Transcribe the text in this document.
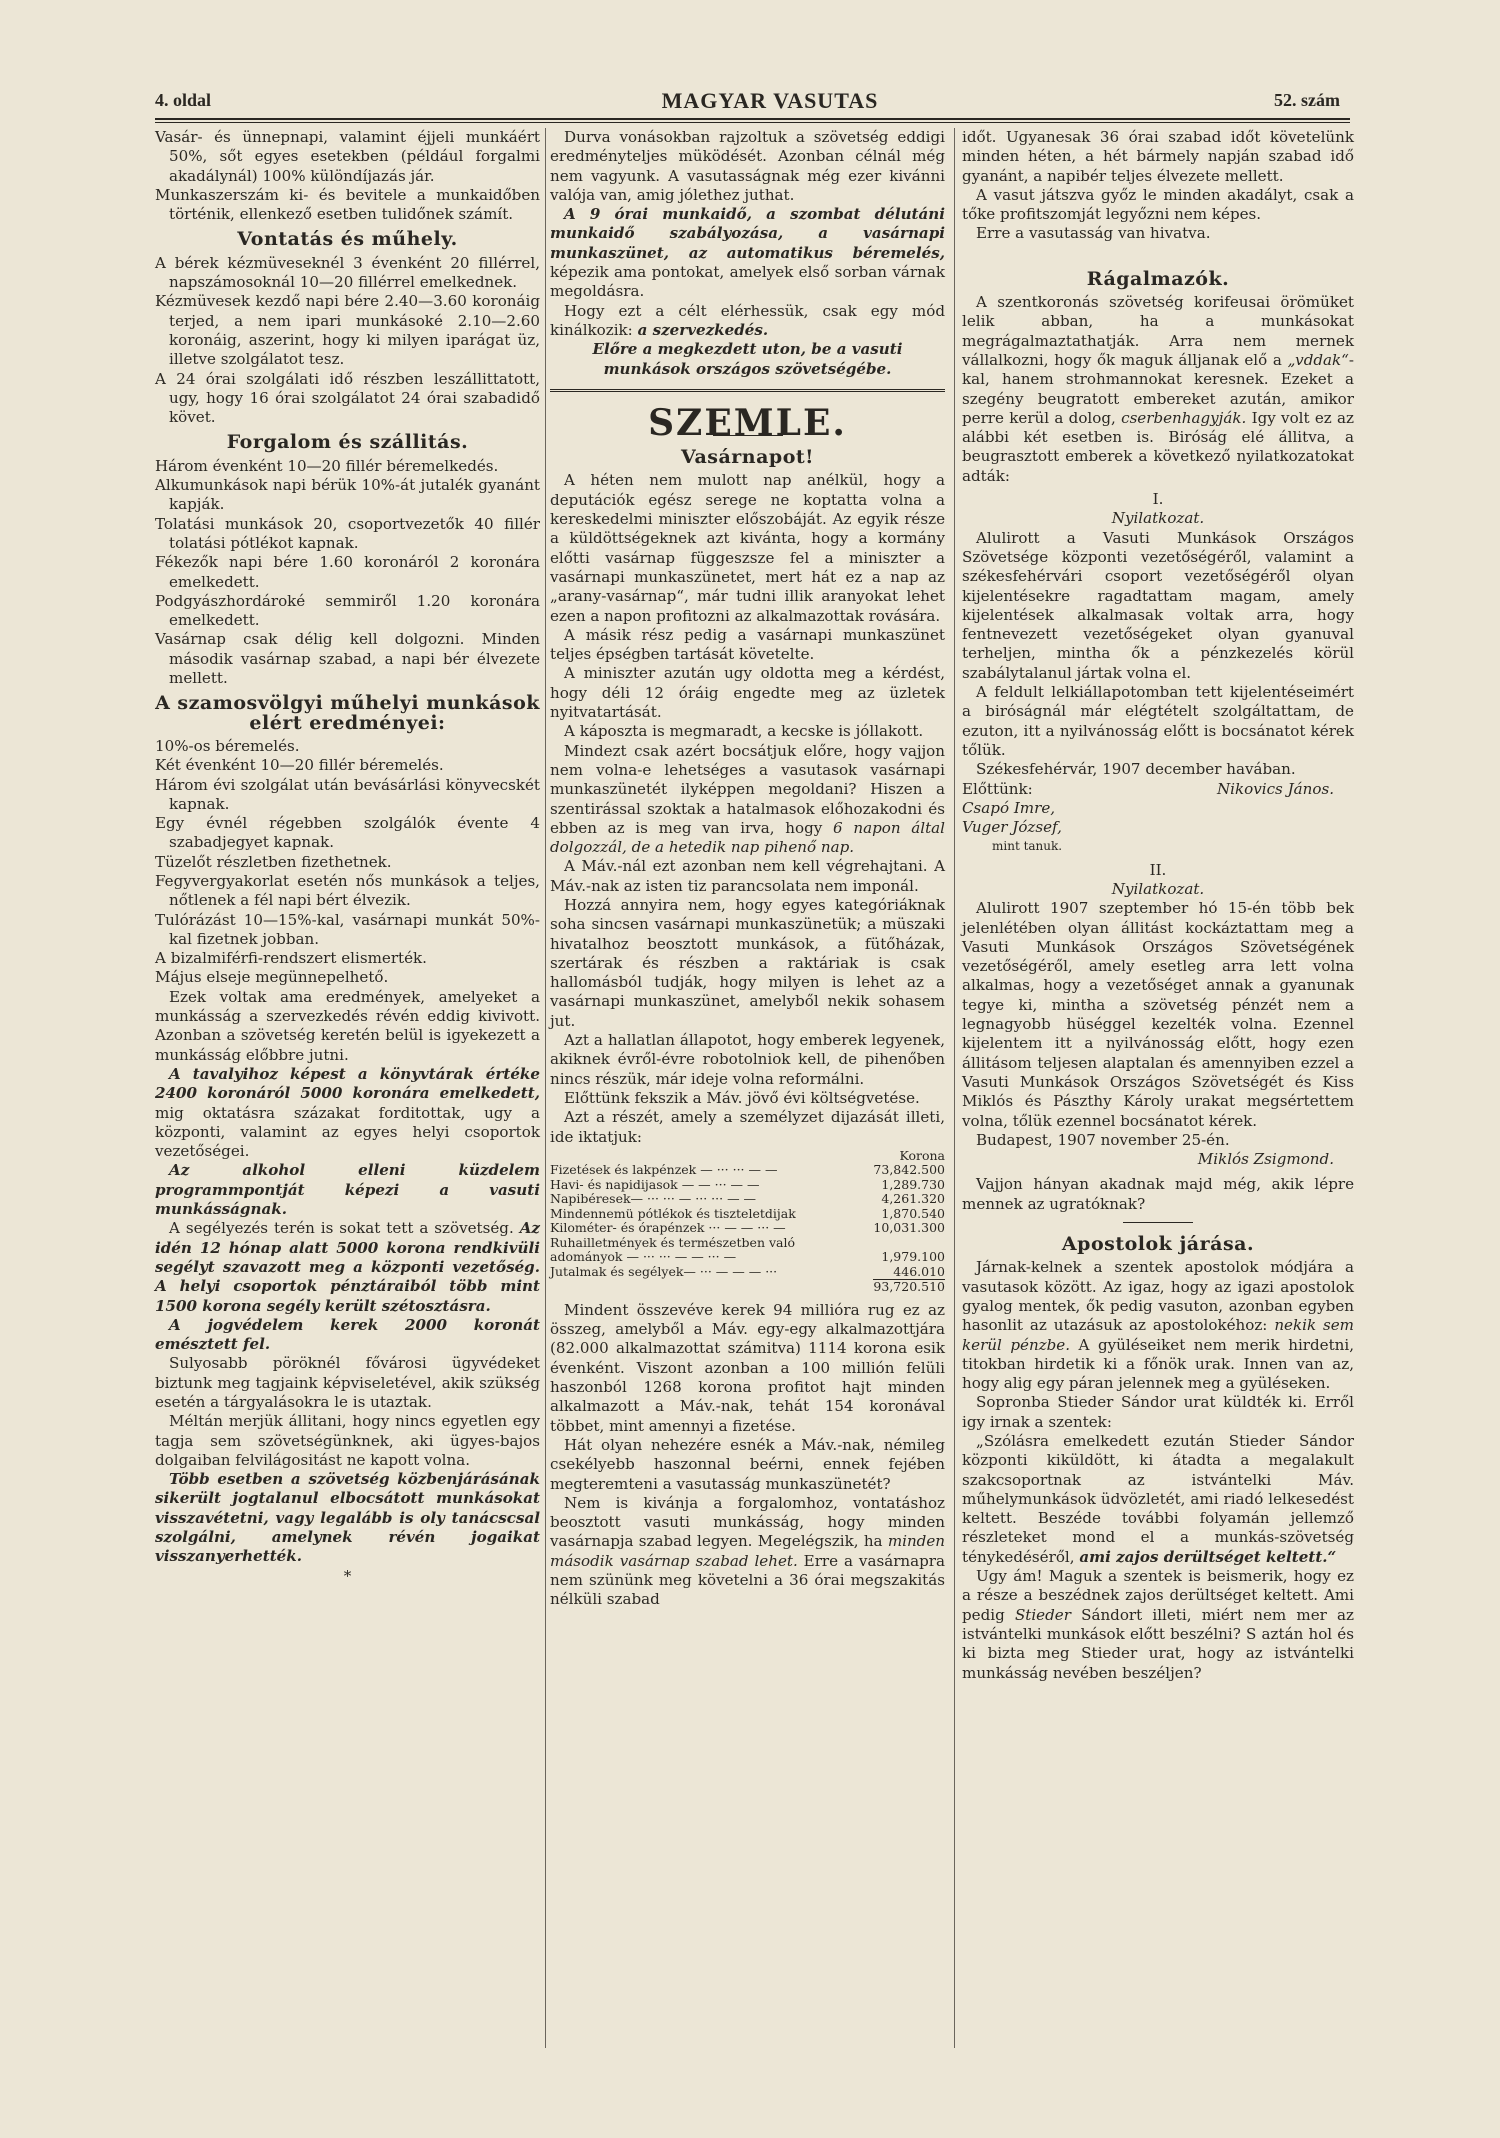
4. oldal	MAGYAR VASUTAS	52. szám

Vasár- és ünnepnapi, valamint éjjeli munkáért 50%, sőt egyes esetekben (például forgalmi akadálynál) 100% különdíjazás jár.

Munkaszerszám ki- és bevitele a munkaidőben történik, ellenkező esetben tulidőnek számít.

Vontatás és műhely.

A bérek kézmüveseknél 3 évenként 20 fillérrel, napszámosoknál 10—20 fillérrel emelkednek.

Kézmüvesek kezdő napi bére 2.40—3.60 koronáig terjed, a nem ipari munkásoké 2.10—2.60 koronáig, aszerint, hogy ki milyen iparágat üz, illetve szolgálatot tesz.

A 24 órai szolgálati idő részben leszállittatott, ugy, hogy 16 órai szolgálatot 24 órai szabadidő követ.

Forgalom és szállitás.

Három évenként 10—20 fillér béremelkedés.

Alkumunkások napi bérük 10%-át jutalék gyanánt kapják.

Tolatási munkások 20, csoportvezetők 40 fillér tolatási pótlékot kapnak.

Fékezők napi bére 1.60 koronáról 2 koronára emelkedett.

Podgyászhordároké semmiről 1.20 koronára emelkedett.

Vasárnap csak délig kell dolgozni. Minden második vasárnap szabad, a napi bér élvezete mellett.

A szamosvölgyi műhelyi munkások elért eredményei:

10%-os béremelés.

Két évenként 10—20 fillér béremelés.

Három évi szolgálat után bevásárlási könyvecskét kapnak.

Egy évnél régebben szolgálók évente 4 szabadjegyet kapnak.

Tüzelőt részletben fizethetnek.

Fegyvergyakorlat esetén nős munkások a teljes, nőtlenek a fél napi bért élvezik.

Tulórázást 10—15%-kal, vasárnapi munkát 50%-kal fizetnek jobban.

A bizalmiférfi-rendszert elismerték.

Május elseje megünnepelhető.

Ezek voltak ama eredmények, amelyeket a munkásság a szervezkedés révén eddig kivivott. Azonban a szövetség keretén belül is igyekezett a munkásság előbbre jutni.

A tavalyihoz képest a könyvtárak értéke 2400 koronáról 5000 koronára emelkedett, mig oktatásra százakat forditottak, ugy a központi, valamint az egyes helyi csoportok vezetőségei.

Az alkohol elleni küzdelem programmpontját képezi a vasuti munkásságnak.

A segélyezés terén is sokat tett a szövetség. Az idén 12 hónap alatt 5000 korona rendkivüli segélyt szavazott meg a központi vezetőség. A helyi csoportok pénztáraiból több mint 1500 korona segély került szétosztásra.

A jogvédelem kerek 2000 koronát emésztett fel.

Sulyosabb pöröknél fővárosi ügyvédeket biztunk meg tagjaink képviseletével, akik szükség esetén a tárgyalásokra le is utaztak.

Méltán merjük állitani, hogy nincs egyetlen egy tagja sem szövetségünknek, aki ügyes-bajos dolgaiban felvilágositást ne kapott volna.

Több esetben a szövetség közbenjárásának sikerült jogtalanul elbocsátott munkásokat visszavétetni, vagy legalább is oly tanácscsal szolgálni, amelynek révén jogaikat visszanyerhették.

*

Durva vonásokban rajzoltuk a szövetség eddigi eredményteljes müködését. Azonban célnál még nem vagyunk. A vasutasságnak még ezer kivánni valója van, amig jólethez juthat.

A 9 órai munkaidő, a szombat délutáni munkaidő szabályozása, a vasárnapi munkaszünet, az automatikus béremelés, képezik ama pontokat, amelyek első sorban várnak megoldásra.

Hogy ezt a célt elérhessük, csak egy mód kinálkozik: a szervezkedés.

Előre a megkezdett uton, be a vasuti munkások országos szövetségébe.

SZEMLE.
Vasárnapot!

A héten nem mulott nap anélkül, hogy a deputációk egész serege ne koptatta volna a kereskedelmi miniszter előszobáját. Az egyik része a küldöttségeknek azt kivánta, hogy a kormány előtti vasárnap függeszsze fel a miniszter a vasárnapi munkaszünetet, mert hát ez a nap az „arany-vasárnap“, már tudni illik aranyokat lehet ezen a napon profitozni az alkalmazottak rovására.

A másik rész pedig a vasárnapi munkaszünet teljes épségben tartását követelte.

A miniszter azután ugy oldotta meg a kérdést, hogy déli 12 óráig engedte meg az üzletek nyitvatartását.

A káposzta is megmaradt, a kecske is jóllakott.

Mindezt csak azért bocsátjuk előre, hogy vajjon nem volna-e lehetséges a vasutasok vasárnapi munkaszünetét ilyképpen megoldani? Hiszen a szentirással szoktak a hatalmasok előhozakodni és ebben az is meg van irva, hogy 6 napon által dolgozzál, de a hetedik nap pihenő nap.

A Máv.-nál ezt azonban nem kell végrehajtani. A Máv.-nak az isten tiz parancsolata nem imponál.

Hozzá annyira nem, hogy egyes kategóriáknak soha sincsen vasárnapi munkaszünetük; a müszaki hivatalhoz beosztott munkások, a fütőházak, szertárak és részben a raktáriak is csak hallomásból tudják, hogy milyen is lehet az a vasárnapi munkaszünet, amelyből nekik sohasem jut.

Azt a hallatlan állapotot, hogy emberek legyenek, akiknek évről-évre robotolniok kell, de pihenőben nincs részük, már ideje volna reformálni.

Előttünk fekszik a Máv. jövő évi költségvetése.

Azt a részét, amely a személyzet dijazását illeti, ide iktatjuk:

	Korona
Fizetések és lakpénzek — ··· ··· — —	73,842.500
Havi- és napidijasok — — ··· — —	1,289.730
Napibéresek— ··· ··· — ··· ··· — —	4,261.320
Mindennemü pótlékok és tiszteletdijak	1,870.540
Kilométer- és órapénzek ··· — — ··· —	10,031.300
Ruhailletmények és természetben való	
adományok — ··· ··· — — ··· —	1,979.100
Jutalmak és segélyek— ··· — — — ···	446.010
	93,720.510

Mindent összevéve kerek 94 millióra rug ez az összeg, amelyből a Máv. egy-egy alkalmazottjára (82.000 alkalmazottat számitva) 1114 korona esik évenként. Viszont azonban a 100 millión felüli haszonból 1268 korona profitot hajt minden alkalmazott a Máv.-nak, tehát 154 koronával többet, mint amennyi a fizetése.

Hát olyan nehezére esnék a Máv.-nak, némileg csekélyebb haszonnal beérni, ennek fejében megteremteni a vasutasság munkaszünetét?

Nem is kivánja a forgalomhoz, vontatáshoz beosztott vasuti munkásság, hogy minden vasárnapja szabad legyen. Megelégszik, ha minden második vasárnap szabad lehet. Erre a vasárnapra nem szününk meg követelni a 36 órai megszakitás nélküli szabad

időt. Ugyanesak 36 órai szabad időt követelünk minden héten, a hét bármely napján szabad idő gyanánt, a napibér teljes élvezete mellett.

A vasut játszva győz le minden akadályt, csak a tőke profitszomját legyőzni nem képes.

Erre a vasutasság van hivatva.

Rágalmazók.

A szentkoronás szövetség korifeusai örömüket lelik abban, ha a munkásokat megrágalmaztathatják. Arra nem mernek vállalkozni, hogy ők maguk álljanak elő a „vddak“-kal, hanem strohmannokat keresnek. Ezeket a szegény beugratott embereket azután, amikor perre kerül a dolog, cserbenhagyják. Igy volt ez az alábbi két esetben is. Biróság elé állitva, a beugrasztott emberek a következő nyilatkozatokat adták:

I.

Nyilatkozat.

Alulirott a Vasuti Munkások Országos Szövetsége központi vezetőségéről, valamint a székesfehérvári csoport vezetőségéről olyan kijelentésekre ragadtattam magam, amely kijelentések alkalmasak voltak arra, hogy fentnevezett vezetőségeket olyan gyanuval terheljen, mintha ők a pénzkezelés körül szabálytalanul jártak volna el.

A feldult lelkiállapotomban tett kijelentéseimért a biróságnál már elégtételt szolgáltattam, de ezuton, itt a nyilvánosság előtt is bocsánatot kérek tőlük.

Székesfehérvár, 1907 december havában.

Előttünk:	Nikovics János.

Csapó Imre,

Vuger József,

mint tanuk.

II.

Nyilatkozat.

Alulirott 1907 szeptember hó 15-én több bek jelenlétében olyan állitást kockáztattam meg a Vasuti Munkások Országos Szövetségének vezetőségéről, amely esetleg arra lett volna alkalmas, hogy a vezetőséget annak a gyanunak tegye ki, mintha a szövetség pénzét nem a legnagyobb hüséggel kezelték volna. Ezennel kijelentem itt a nyilvánosság előtt, hogy ezen állitásom teljesen alaptalan és amennyiben ezzel a Vasuti Munkások Országos Szövetségét és Kiss Miklós és Pászthy Károly urakat megsértettem volna, tőlük ezennel bocsánatot kérek.

Budapest, 1907 november 25-én.

Miklós Zsigmond.

Vajjon hányan akadnak majd még, akik lépre mennek az ugratóknak?

Apostolok járása.

Járnak-kelnek a szentek apostolok módjára a vasutasok között. Az igaz, hogy az igazi apostolok gyalog mentek, ők pedig vasuton, azonban egyben hasonlit az utazásuk az apostolokéhoz: nekik sem kerül pénzbe. A gyüléseiket nem merik hirdetni, titokban hirdetik ki a főnök urak. Innen van az, hogy alig egy páran jelennek meg a gyüléseken.

Sopronba Stieder Sándor urat küldték ki. Erről igy irnak a szentek:

„Szólásra emelkedett ezután Stieder Sándor központi kiküldött, ki átadta a megalakult szakcsoportnak az istvántelki Máv. műhelymunkások üdvözletét, ami riadó lelkesedést keltett. Beszéde további folyamán jellemző részleteket mond el a munkás-szövetség ténykedéséről, ami zajos derültséget keltett.“

Ugy ám! Maguk a szentek is beismerik, hogy ez a része a beszédnek zajos derültséget keltett. Ami pedig Stieder Sándort illeti, miért nem mer az istvántelki munkások előtt beszélni? S aztán hol és ki bizta meg Stieder urat, hogy az istvántelki munkásság nevében beszéljen?
